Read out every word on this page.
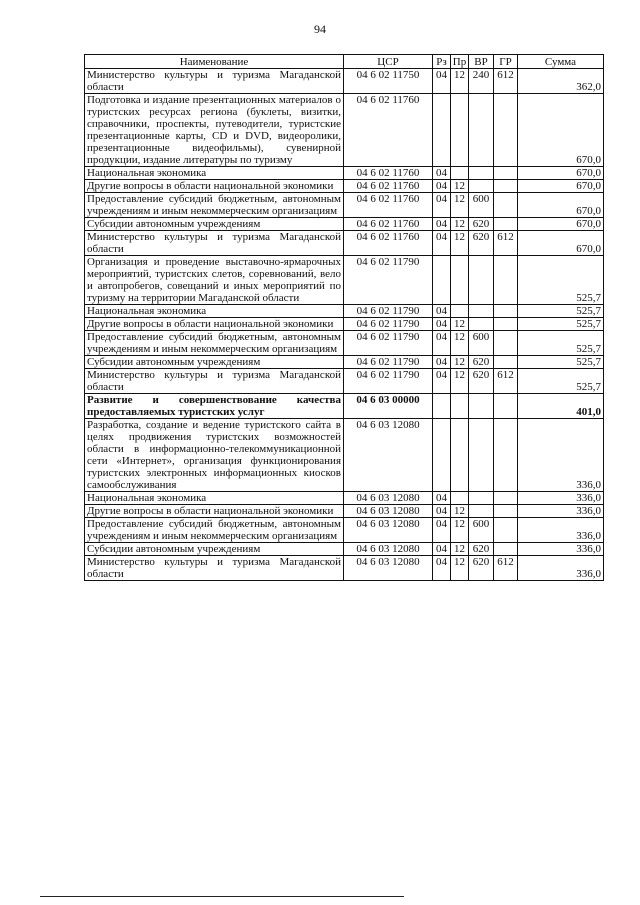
94
Наименование	ЦСР	Рз	Пр	ВР	ГР	Сумма
Министерство культуры и туризма Магаданской области	04 6 02 11750	04	12	240	612	362,0
Подготовка и издание презентационных материалов о туристских ресурсах региона (буклеты, визитки, справочники, проспекты, путеводители, туристские презентационные карты, CD и DVD, видеоролики, презентационные видеофильмы), сувенирной продукции, издание литературы по туризму	04 6 02 11760					670,0
Национальная экономика	04 6 02 11760	04				670,0
Другие вопросы в области национальной экономики	04 6 02 11760	04	12			670,0
Предоставление субсидий бюджетным, автономным учреждениям и иным некоммерческим организациям	04 6 02 11760	04	12	600		670,0
Субсидии автономным учреждениям	04 6 02 11760	04	12	620		670,0
Министерство культуры и туризма Магаданской области	04 6 02 11760	04	12	620	612	670,0
Организация и проведение выставочно-ярмарочных мероприятий, туристских слетов, соревнований, вело и автопробегов, совещаний и иных мероприятий по туризму на территории Магаданской области	04 6 02 11790					525,7
Национальная экономика	04 6 02 11790	04				525,7
Другие вопросы в области национальной экономики	04 6 02 11790	04	12			525,7
Предоставление субсидий бюджетным, автономным учреждениям и иным некоммерческим организациям	04 6 02 11790	04	12	600		525,7
Субсидии автономным учреждениям	04 6 02 11790	04	12	620		525,7
Министерство культуры и туризма Магаданской области	04 6 02 11790	04	12	620	612	525,7
Развитие и совершенствование качества предоставляемых туристских услуг	04 6 03 00000					401,0
Разработка, создание и ведение туристского сайта в целях продвижения туристских возможностей области в информационно-телекоммуникационной сети «Интернет», организация функционирования туристских электронных информационных киосков самообслуживания	04 6 03 12080					336,0
Национальная экономика	04 6 03 12080	04				336,0
Другие вопросы в области национальной экономики	04 6 03 12080	04	12			336,0
Предоставление субсидий бюджетным, автономным учреждениям и иным некоммерческим организациям	04 6 03 12080	04	12	600		336,0
Субсидии автономным учреждениям	04 6 03 12080	04	12	620		336,0
Министерство культуры и туризма Магаданской области	04 6 03 12080	04	12	620	612	336,0
